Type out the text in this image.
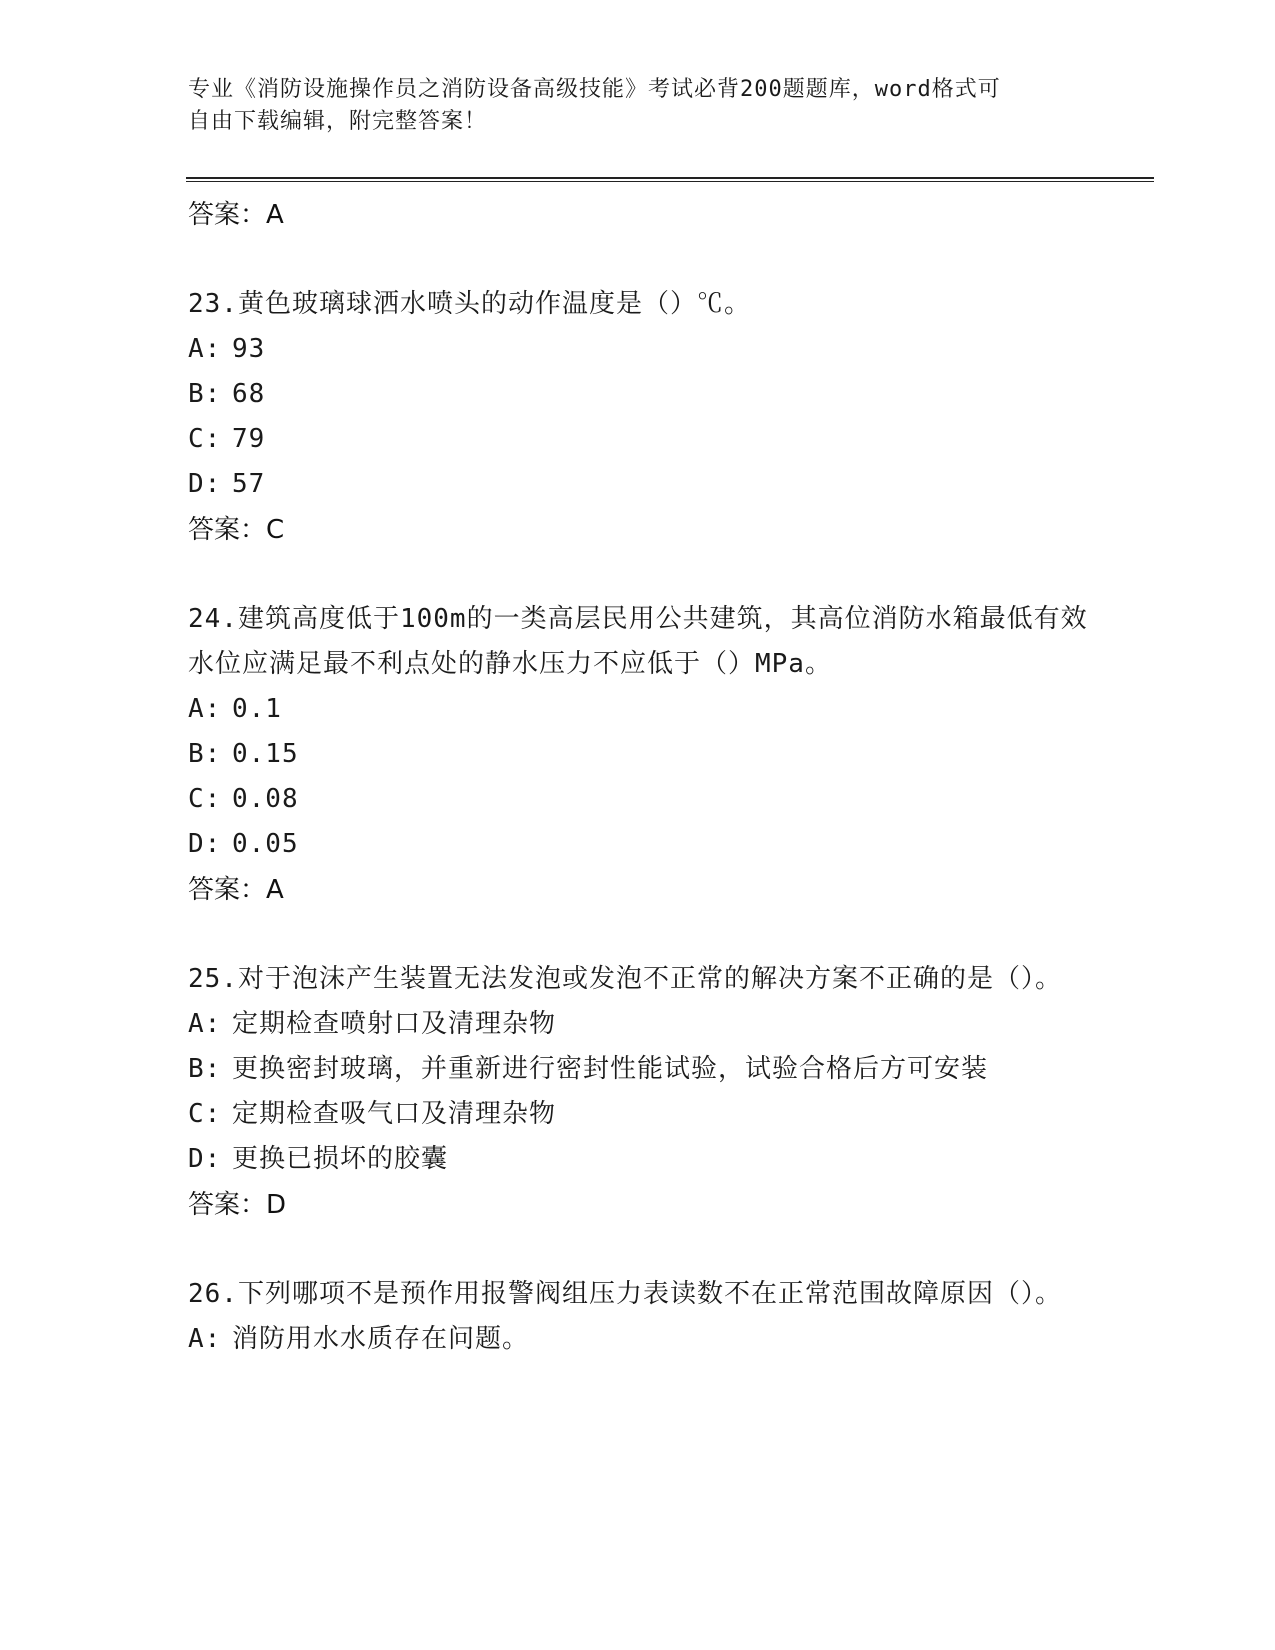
专业《消防设施操作员之消防设备高级技能》考试必背200题题库，word格式可
自由下载编辑，附完整答案！
答案：A
23.黄色玻璃球洒水喷头的动作温度是（）℃。
A: 93
B: 68
C: 79
D: 57
答案：C
24.建筑高度低于100m的一类高层民用公共建筑，其高位消防水箱最低有效水位应满足最不利点处的静水压力不应低于（）MPa。
A: 0.1
B: 0.15
C: 0.08
D: 0.05
答案：A
25.对于泡沫产生装置无法发泡或发泡不正常的解决方案不正确的是（）。
A: 定期检查喷射口及清理杂物
B: 更换密封玻璃，并重新进行密封性能试验，试验合格后方可安装
C: 定期检查吸气口及清理杂物
D: 更换已损坏的胶囊
答案：D
26.下列哪项不是预作用报警阀组压力表读数不在正常范围故障原因（）。
A: 消防用水水质存在问题。
